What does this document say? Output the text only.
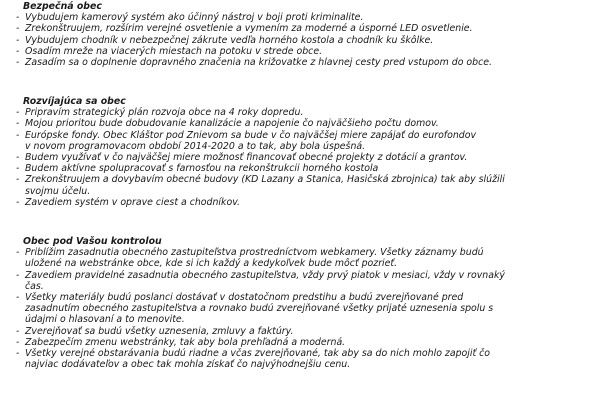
Bezpečná obec

- Vybudujem kamerový systém ako účinný nástroj v boji proti kriminalite.
- Zrekonštruujem, rozšírim verejné osvetlenie a vymením za moderné a úsporné LED osvetlenie.
- Vybudujem chodník v nebezpečnej zákrute vedľa horného kostola a chodník ku škôlke.
- Osadím mreže na viacerých miestach na potoku v strede obce.
- Zasadím sa o doplnenie dopravného značenia na križovatke z hlavnej cesty pred vstupom do obce.

Rozvíjajúca sa obec

- Pripravím strategický plán rozvoja obce na 4 roky dopredu.
- Mojou prioritou bude dobudovanie kanalizácie a napojenie čo najväčšieho počtu domov.
- Európske fondy. Obec Kláštor pod Znievom sa bude v čo najväčšej miere zapájať do eurofondov
v novom programovacom období 2014-2020 a to tak, aby bola úspešná.
- Budem využívať v čo najväčšej miere možnosť financovať obecné projekty z dotácií a grantov.
- Budem aktívne spolupracovať s farnosťou na rekonštrukcii horného kostola
- Zrekonštruujem a dovybavím obecné budovy (KD Lazany a Stanica, Hasičská zbrojnica) tak aby slúžili
svojmu účelu.
- Zavediem systém v oprave ciest a chodníkov.

Obec pod Vašou kontrolou

- Priblížim zasadnutia obecného zastupiteľstva prostredníctvom webkamery. Všetky záznamy budú
uložené na webstránke obce, kde si ich každý a kedykoľvek bude môcť pozrieť.
- Zavediem pravidelné zasadnutia obecného zastupiteľstva, vždy prvý piatok v mesiaci, vždy v rovnaký
čas.
- Všetky materiály budú poslanci dostávať v dostatočnom predstihu a budú zverejňované pred
zasadnutím obecného zastupiteľstva a rovnako budú zverejňované všetky prijaté uznesenia spolu s
údajmi o hlasovaní a to menovite.
- Zverejňovať sa budú všetky uznesenia, zmluvy a faktúry.
- Zabezpečím zmenu webstránky, tak aby bola prehľadná a moderná.
- Všetky verejné obstarávania budú riadne a včas zverejňované, tak aby sa do nich mohlo zapojiť čo
najviac dodávateľov a obec tak mohla získať čo najvýhodnejšiu cenu.
